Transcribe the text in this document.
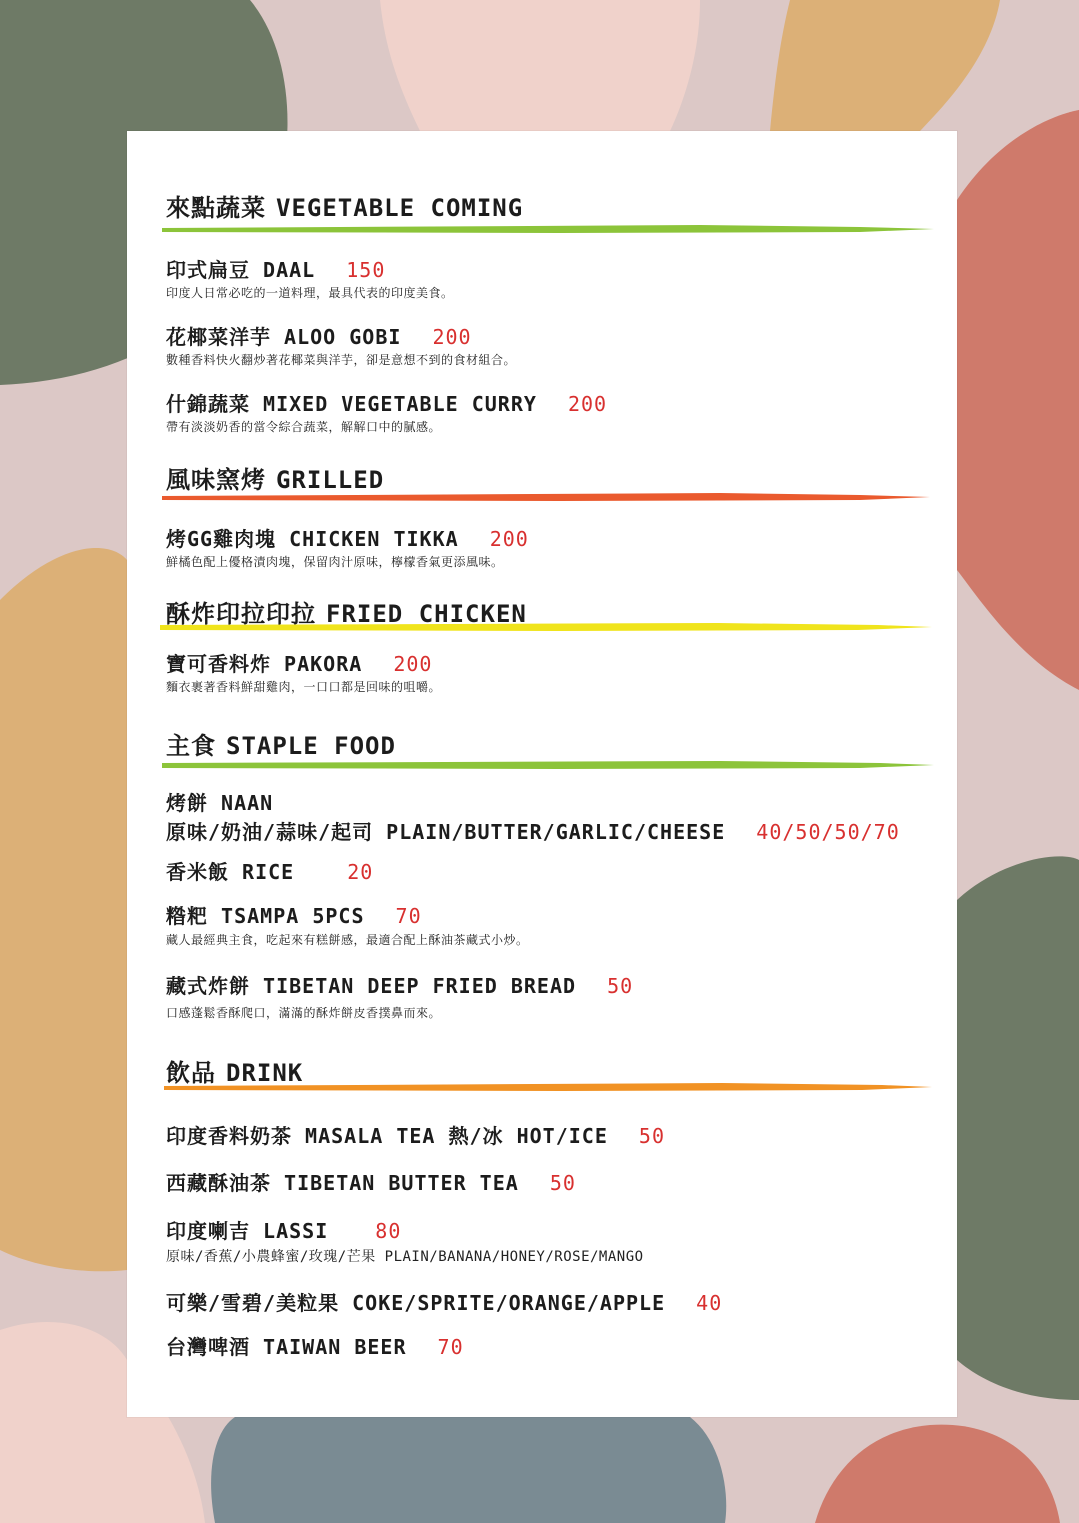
來點蔬菜 VEGETABLE COMING
印式扁豆 DAAL 150
印度人日常必吃的一道料理，最具代表的印度美食。
花椰菜洋芋 ALOO GOBI 200
數種香料快火翻炒著花椰菜與洋芋，卻是意想不到的食材組合。
什錦蔬菜 MIXED VEGETABLE CURRY 200
帶有淡淡奶香的當令綜合蔬菜，解解口中的膩感。
風味窯烤 GRILLED
烤GG雞肉塊 CHICKEN TIKKA 200
鮮橘色配上優格漬肉塊，保留肉汁原味，檸檬香氣更添風味。
酥炸印拉印拉 FRIED CHICKEN
寶可香料炸 PAKORA 200
麵衣裹著香料鮮甜雞肉，一口口都是回味的咀嚼。
主食 STAPLE FOOD
烤餅 NAAN
原味/奶油/蒜味/起司 PLAIN/BUTTER/GARLIC/CHEESE 40/50/50/70
香米飯 RICE	20
糌粑 TSAMPA 5PCS 70
藏人最經典主食，吃起來有糕餅感，最適合配上酥油茶藏式小炒。
藏式炸餅 TIBETAN DEEP FRIED BREAD 50
口感蓬鬆香酥爬口，滿滿的酥炸餅皮香撲鼻而來。
飲品 DRINK
印度香料奶茶 MASALA TEA 熱/冰 HOT/ICE 50
西藏酥油茶 TIBETAN BUTTER TEA 50
印度喇吉 LASSI 80
原味/香蕉/小農蜂蜜/玫瑰/芒果 PLAIN/BANANA/HONEY/ROSE/MANGO
可樂/雪碧/美粒果 COKE/SPRITE/ORANGE/APPLE 40
台灣啤酒 TAIWAN BEER 70
